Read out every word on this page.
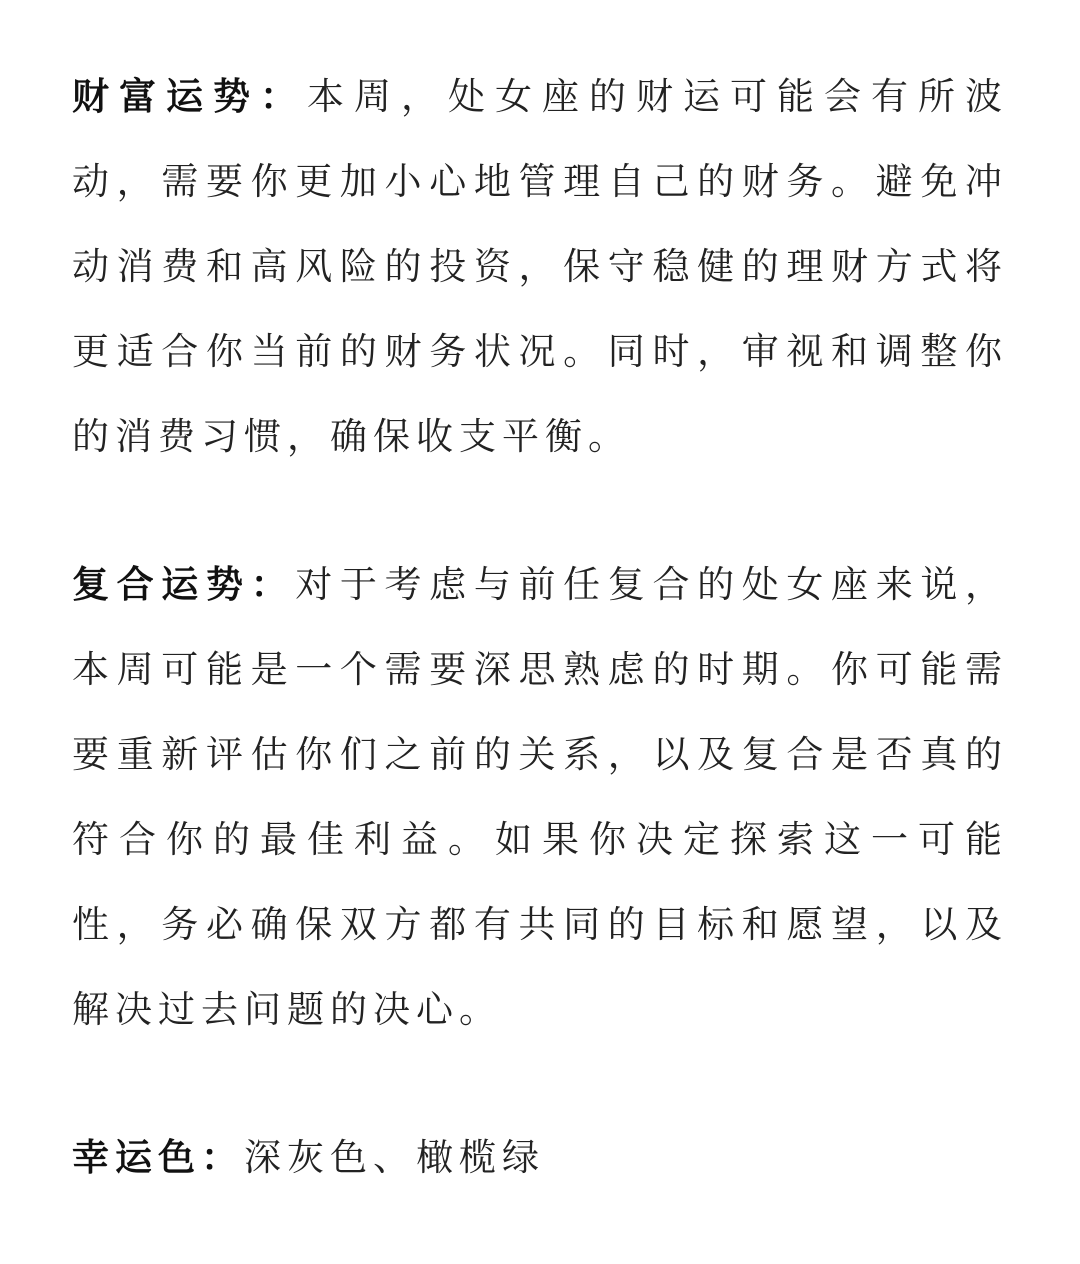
财富运势：本周，处女座的财运可能会有所波动，需要你更加小心地管理自己的财务。避免冲动消费和高风险的投资，保守稳健的理财方式将更适合你当前的财务状况。同时，审视和调整你的消费习惯，确保收支平衡。

复合运势：对于考虑与前任复合的处女座来说，本周可能是一个需要深思熟虑的时期。你可能需要重新评估你们之前的关系，以及复合是否真的符合你的最佳利益。如果你决定探索这一可能性，务必确保双方都有共同的目标和愿望，以及解决过去问题的决心。

幸运色：深灰色、橄榄绿
